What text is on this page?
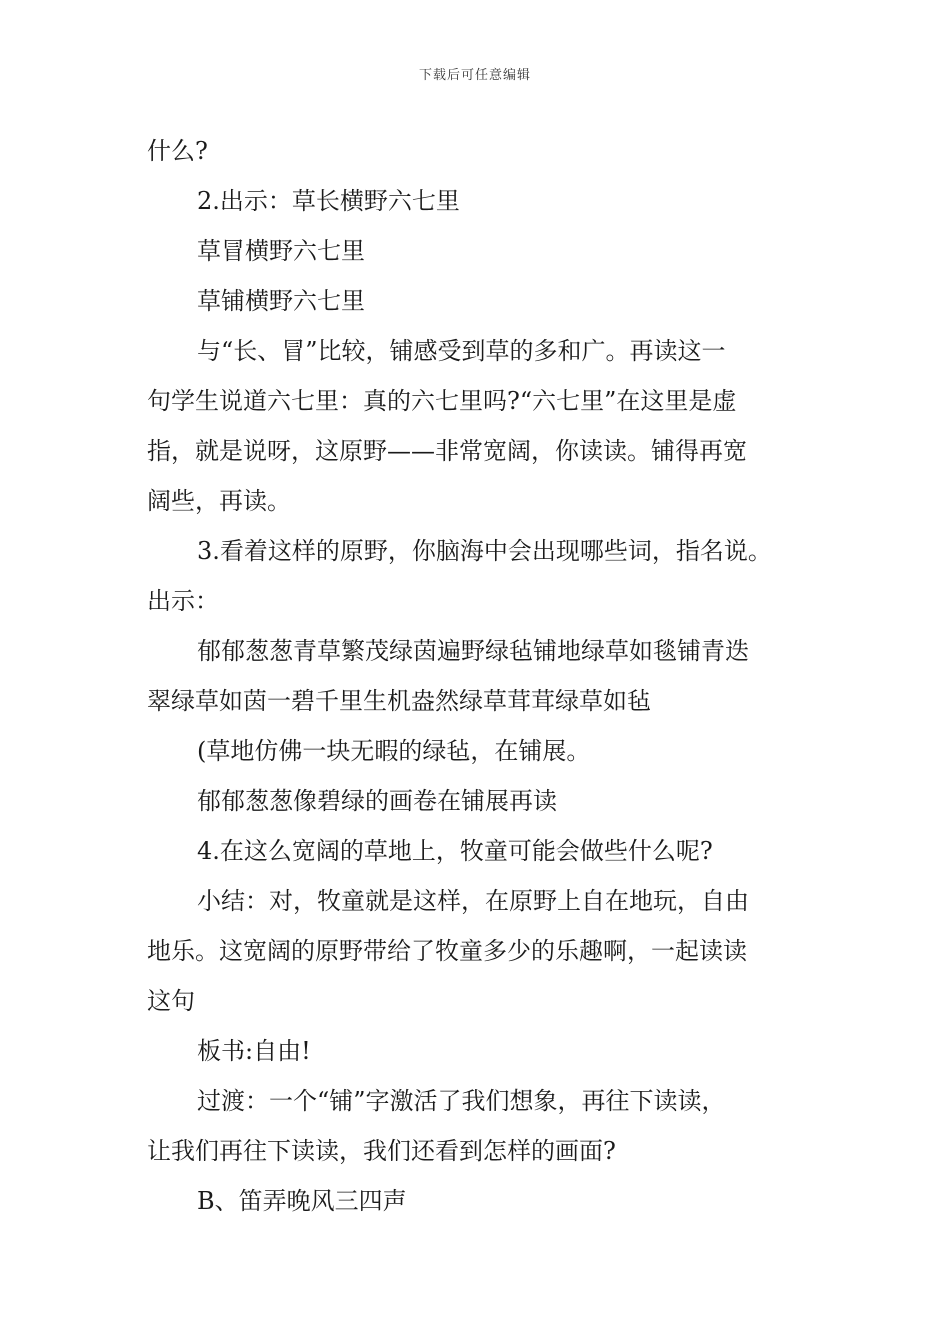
下载后可任意编辑
什么?
2.出示：草长横野六七里
草冒横野六七里
草铺横野六七里
与“长、冒”比较，铺感受到草的多和广。再读这一
句学生说道六七里：真的六七里吗?“六七里”在这里是虚
指，就是说呀，这原野——非常宽阔，你读读。铺得再宽
阔些，再读。
3.看着这样的原野，你脑海中会出现哪些词，指名说。
出示：
郁郁葱葱青草繁茂绿茵遍野绿毡铺地绿草如毯铺青迭
翠绿草如茵一碧千里生机盎然绿草茸茸绿草如毡
(草地仿佛一块无暇的绿毡，在铺展。
郁郁葱葱像碧绿的画卷在铺展再读
4.在这么宽阔的草地上，牧童可能会做些什么呢?
小结：对，牧童就是这样，在原野上自在地玩，自由
地乐。这宽阔的原野带给了牧童多少的乐趣啊，一起读读
这句
板书:自由!
过渡：一个“铺”字激活了我们想象，再往下读读，
让我们再往下读读，我们还看到怎样的画面?
B、笛弄晚风三四声
